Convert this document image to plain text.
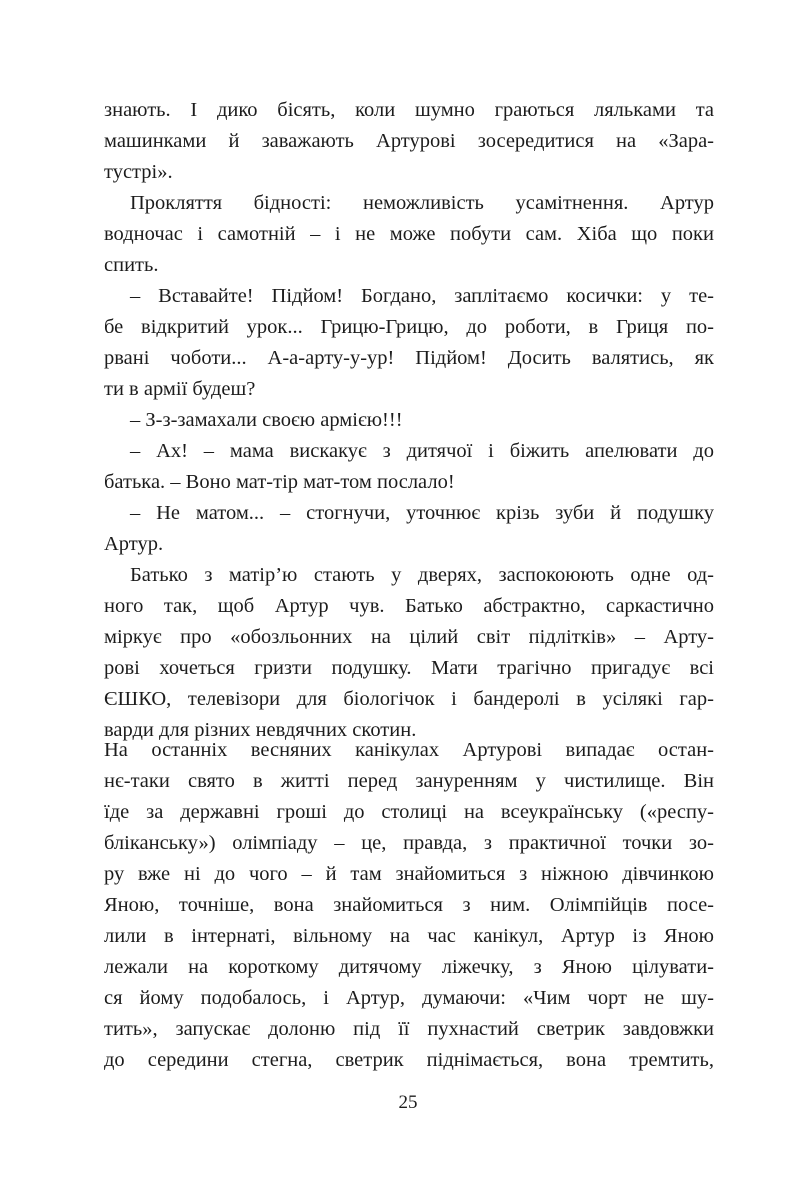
знають. І дико бісять, коли шумно граються ляльками та
машинками й заважають Артурові зосередитися на «Зара-
тустрі».
Прокляття бідності: неможливість усамітнення. Артур
водночас і самотній – і не може побути сам. Хіба що поки
спить.
– Вставайте! Підйом! Богдано, заплітаємо косички: у те-
бе відкритий урок... Грицю-Грицю, до роботи, в Гриця по-
рвані чоботи... А-а-арту-у-ур! Підйом! Досить валятись, як
ти в армії будеш?
– З-з-замахали своєю армією!!!
– Ах! – мама вискакує з дитячої і біжить апелювати до
батька. – Воно мат-тір мат-том послало!
– Не матом... – стогнучи, уточнює крізь зуби й подушку
Артур.
Батько з матір’ю стають у дверях, заспокоюють одне од-
ного так, щоб Артур чув. Батько абстрактно, саркастично
міркує про «обозльонних на цілий світ підлітків» – Арту-
рові хочеться гризти подушку. Мати трагічно пригадує всі
ЄШКО, телевізори для біологічок і бандеролі в усілякі гар-
варди для різних невдячних скотин.
На останніх весняних канікулах Артурові випадає остан-
нє-таки свято в житті перед зануренням у чистилище. Він
їде за державні гроші до столиці на всеукраїнську («респу-
бліканську») олімпіаду – це, правда, з практичної точки зо-
ру вже ні до чого – й там знайомиться з ніжною дівчинкою
Яною, точніше, вона знайомиться з ним. Олімпійців посе-
лили в інтернаті, вільному на час канікул, Артур із Яною
лежали на короткому дитячому ліжечку, з Яною цілувати-
ся йому подобалось, і Артур, думаючи: «Чим чорт не шу-
тить», запускає долоню під її пухнастий светрик завдовжки
до середини стегна, светрик піднімається, вона тремтить,
25
